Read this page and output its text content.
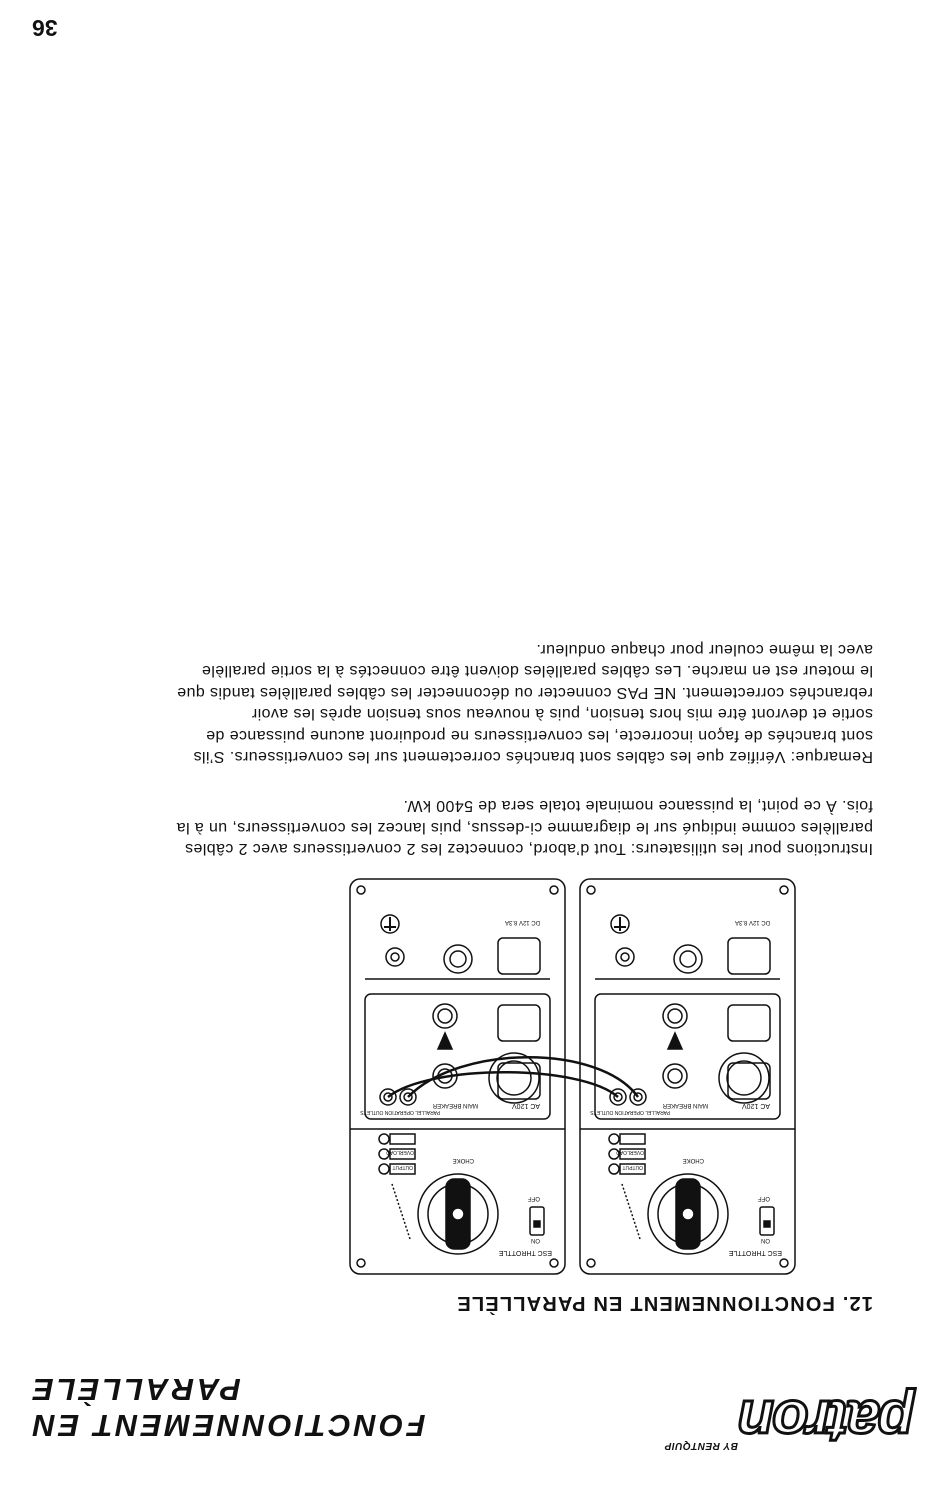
patron
BY RENTQUIP
FONCTIONNEMENT EN PARALLÈLE
12. FONCTIONNEMENT EN PARALLÈLE
ESC THROTTLE
ON
OFF
CHOKE
OUTPUT
OVERLOAD
PARALLEL OPERATION OUTLETS
AC 120V
MAIN BREAKER
DC 12V 8.3A
ESC THROTTLE
ON
OFF
CHOKE
OUTPUT
OVERLOAD
PARALLEL OPERATION OUTLETS
AC 120V
MAIN BREAKER
DC 12V 8.3A

Instructions pour les utilisateurs: Tout d’abord, connectez les 2 convertisseurs avec 2 câbles parallèles comme indiqué sur le diagramme ci-dessus, puis lancez les convertisseurs, un à la fois. À ce point, la puissance nominale totale sera de 5400 kW.

Remarque: Vérifiez que les câbles sont branchés correctement sur les convertisseurs. S’ils sont branchés de façon incorrecte, les convertisseurs ne produiront aucune puissance de sortie et devront être mis hors tension, puis à nouveau sous tension après les avoir rebranchés correctement. NE PAS connecter ou déconnecter les câbles parallèles tandis que le moteur est en marche. Les câbles parallèles doivent être connectés à la sortie parallèle avec la même couleur pour chaque onduleur.

36
